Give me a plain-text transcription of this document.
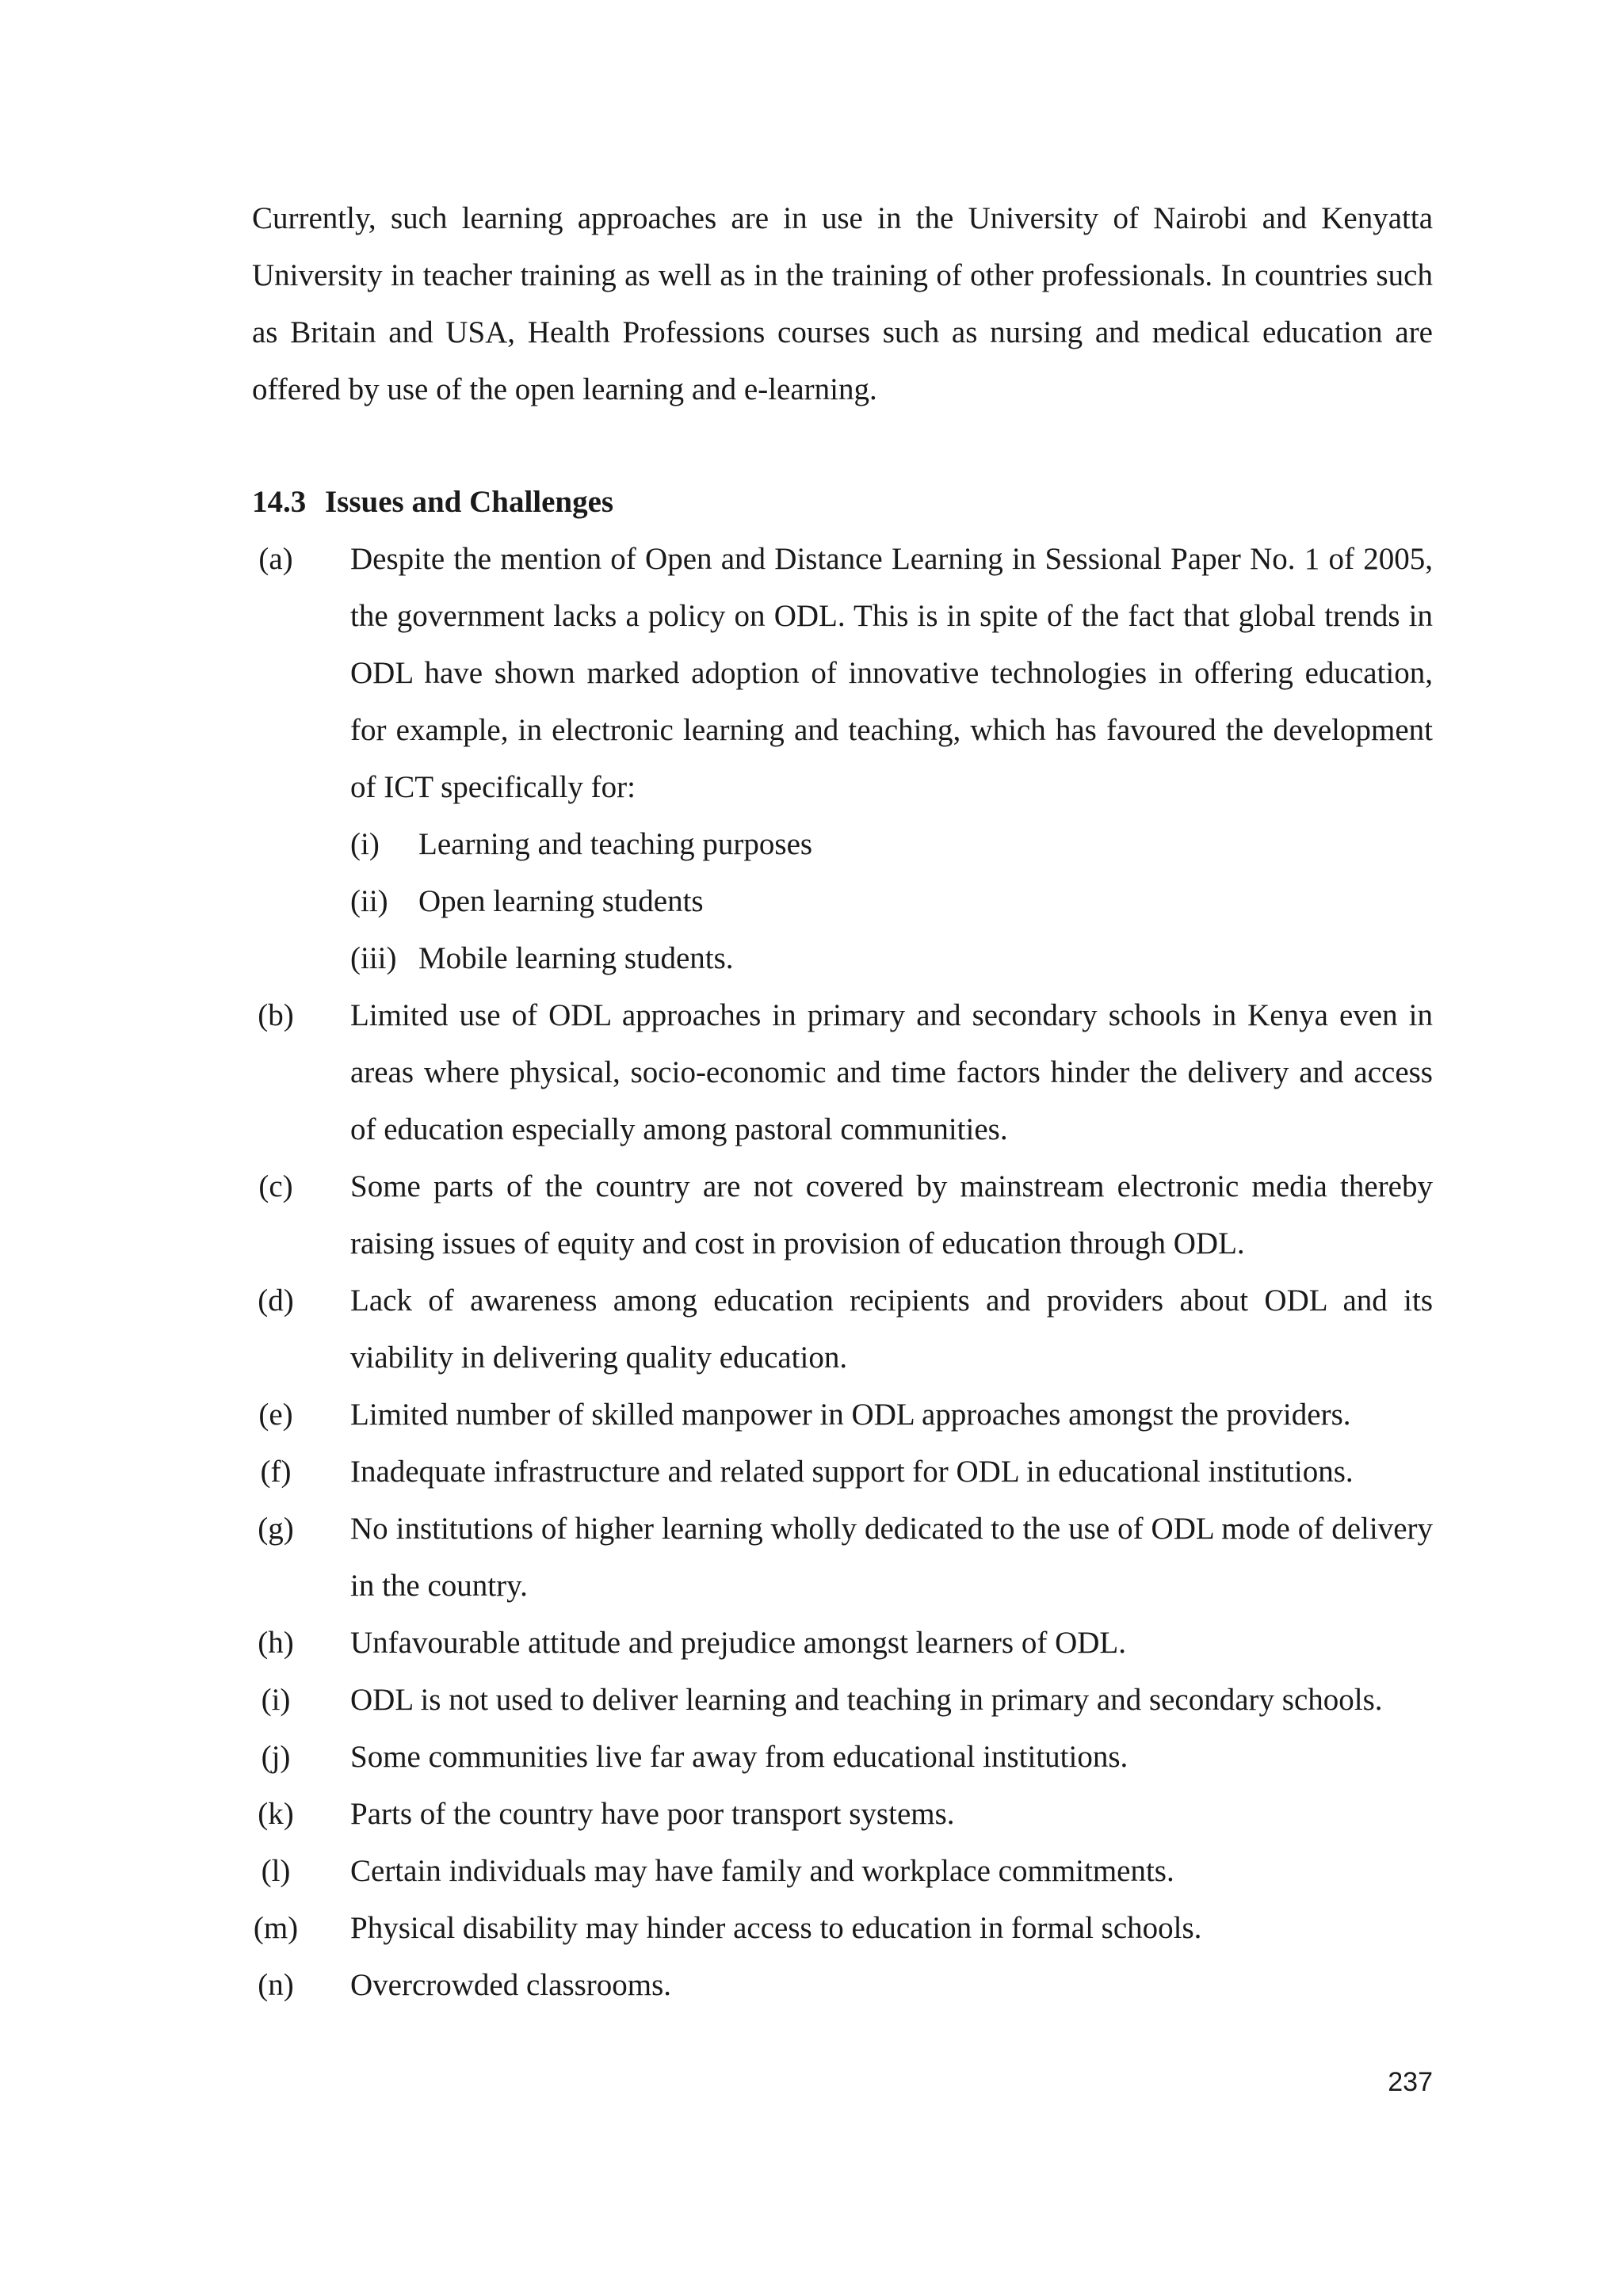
Currently, such learning approaches are in use in the University of Nairobi and Kenyatta University in teacher training as well as in the training of other professionals. In countries such as Britain and USA, Health Professions courses such as nursing and medical education are offered by use of the open learning and e-learning.

14.3 Issues and Challenges
(a)	Despite the mention of Open and Distance Learning in Sessional Paper No. 1 of 2005, the government lacks a policy on ODL. This is in spite of the fact that global trends in ODL have shown marked adoption of innovative technologies in offering education, for example, in electronic learning and teaching, which has favoured the development of ICT specifically for:
(i)	Learning and teaching purposes
(ii) Open learning students
(iii) Mobile learning students.
(b)	Limited use of ODL approaches in primary and secondary schools in Kenya even in areas where physical, socio-economic and time factors hinder the delivery and access of education especially among pastoral communities.
(c)	Some parts of the country are not covered by mainstream electronic media thereby raising issues of equity and cost in provision of education through ODL.
(d)	Lack of awareness among education recipients and providers about ODL and its viability in delivering quality education.
(e)	Limited number of skilled manpower in ODL approaches amongst the providers.
(f)	Inadequate infrastructure and related support for ODL in educational institutions.
(g)	No institutions of higher learning wholly dedicated to the use of ODL mode of delivery in the country.
(h)	Unfavourable attitude and prejudice amongst learners of ODL.
(i)	ODL is not used to deliver learning and teaching in primary and secondary schools.
(j)	Some communities live far away from educational institutions.
(k)	Parts of the country have poor transport systems.
(l)	Certain individuals may have family and workplace commitments.
(m)	Physical disability may hinder access to education in formal schools.
(n)	Overcrowded classrooms.
237
